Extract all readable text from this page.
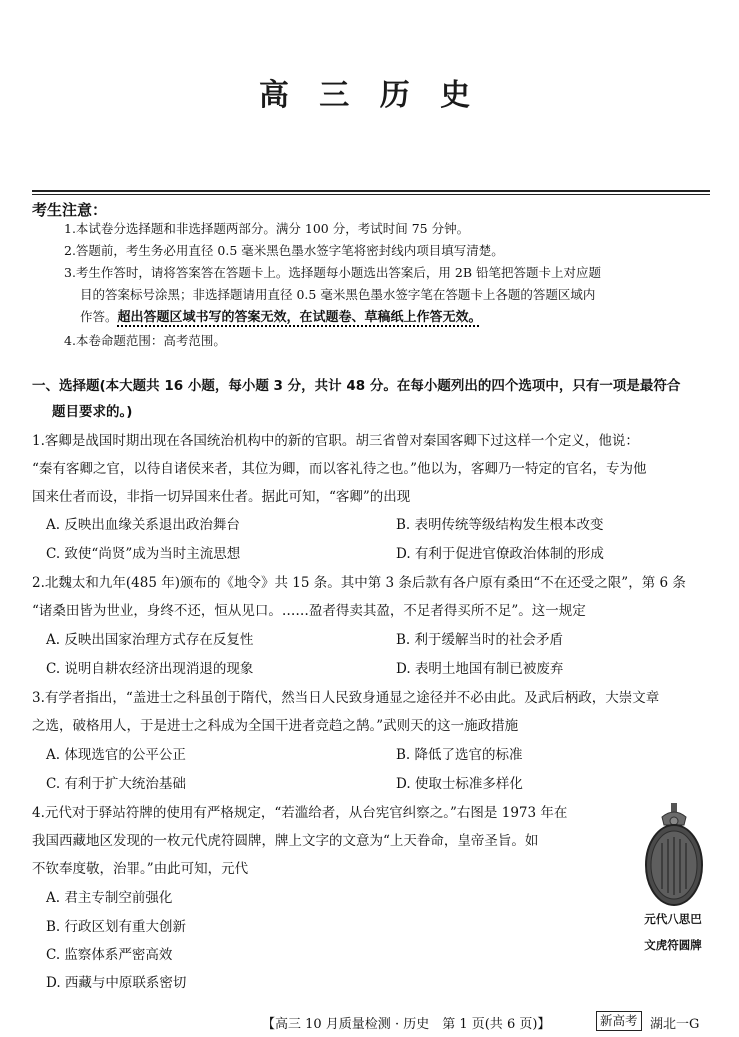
高 三 历 史
考生注意：
1.本试卷分选择题和非选择题两部分。满分 100 分，考试时间 75 分钟。
2.答题前，考生务必用直径 0.5 毫米黑色墨水签字笔将密封线内项目填写清楚。
3.考生作答时，请将答案答在答题卡上。选择题每小题选出答案后，用 2B 铅笔把答题卡上对应题
目的答案标号涂黑；非选择题请用直径 0.5 毫米黑色墨水签字笔在答题卡上各题的答题区域内
作答。超出答题区域书写的答案无效，在试题卷、草稿纸上作答无效。
4.本卷命题范围：高考范围。
一、选择题(本大题共 16 小题，每小题 3 分，共计 48 分。在每小题列出的四个选项中，只有一项是最符合
题目要求的。)
1.客卿是战国时期出现在各国统治机构中的新的官职。胡三省曾对秦国客卿下过这样一个定义，他说：
“秦有客卿之官，以待自诸侯来者，其位为卿，而以客礼待之也。”他以为，客卿乃一特定的官名，专为他
国来仕者而设，非指一切异国来仕者。据此可知，“客卿”的出现
A. 反映出血缘关系退出政治舞台	B. 表明传统等级结构发生根本改变
C. 致使“尚贤”成为当时主流思想	D. 有利于促进官僚政治体制的形成
2.北魏太和九年(485 年)颁布的《地令》共 15 条。其中第 3 条后款有各户原有桑田“不在还受之限”，第 6 条
“诸桑田皆为世业，身终不还，恒从见口。……盈者得卖其盈，不足者得买所不足”。这一规定
A. 反映出国家治理方式存在反复性	B. 利于缓解当时的社会矛盾
C. 说明自耕农经济出现消退的现象	D. 表明土地国有制已被废弃
3.有学者指出，“盖进士之科虽创于隋代，然当日人民致身通显之途径并不必由此。及武后柄政，大崇文章
之选，破格用人，于是进士之科成为全国干进者竞趋之鹄。”武则天的这一施政措施
A. 体现选官的公平公正	B. 降低了选官的标准
C. 有利于扩大统治基础	D. 使取士标准多样化
4.元代对于驿站符牌的使用有严格规定，“若滥给者，从台宪官纠察之。”右图是 1973 年在
我国西藏地区发现的一枚元代虎符圆牌，牌上文字的文意为“上天眷命，皇帝圣旨。如
不钦奉度敬，治罪。”由此可知，元代
A. 君主专制空前强化
B. 行政区划有重大创新
C. 监察体系严密高效
D. 西藏与中原联系密切
元代八思巴
文虎符圆牌
【高三 10 月质量检测 · 历史　第 1 页(共 6 页)】	新高考 湖北一G
